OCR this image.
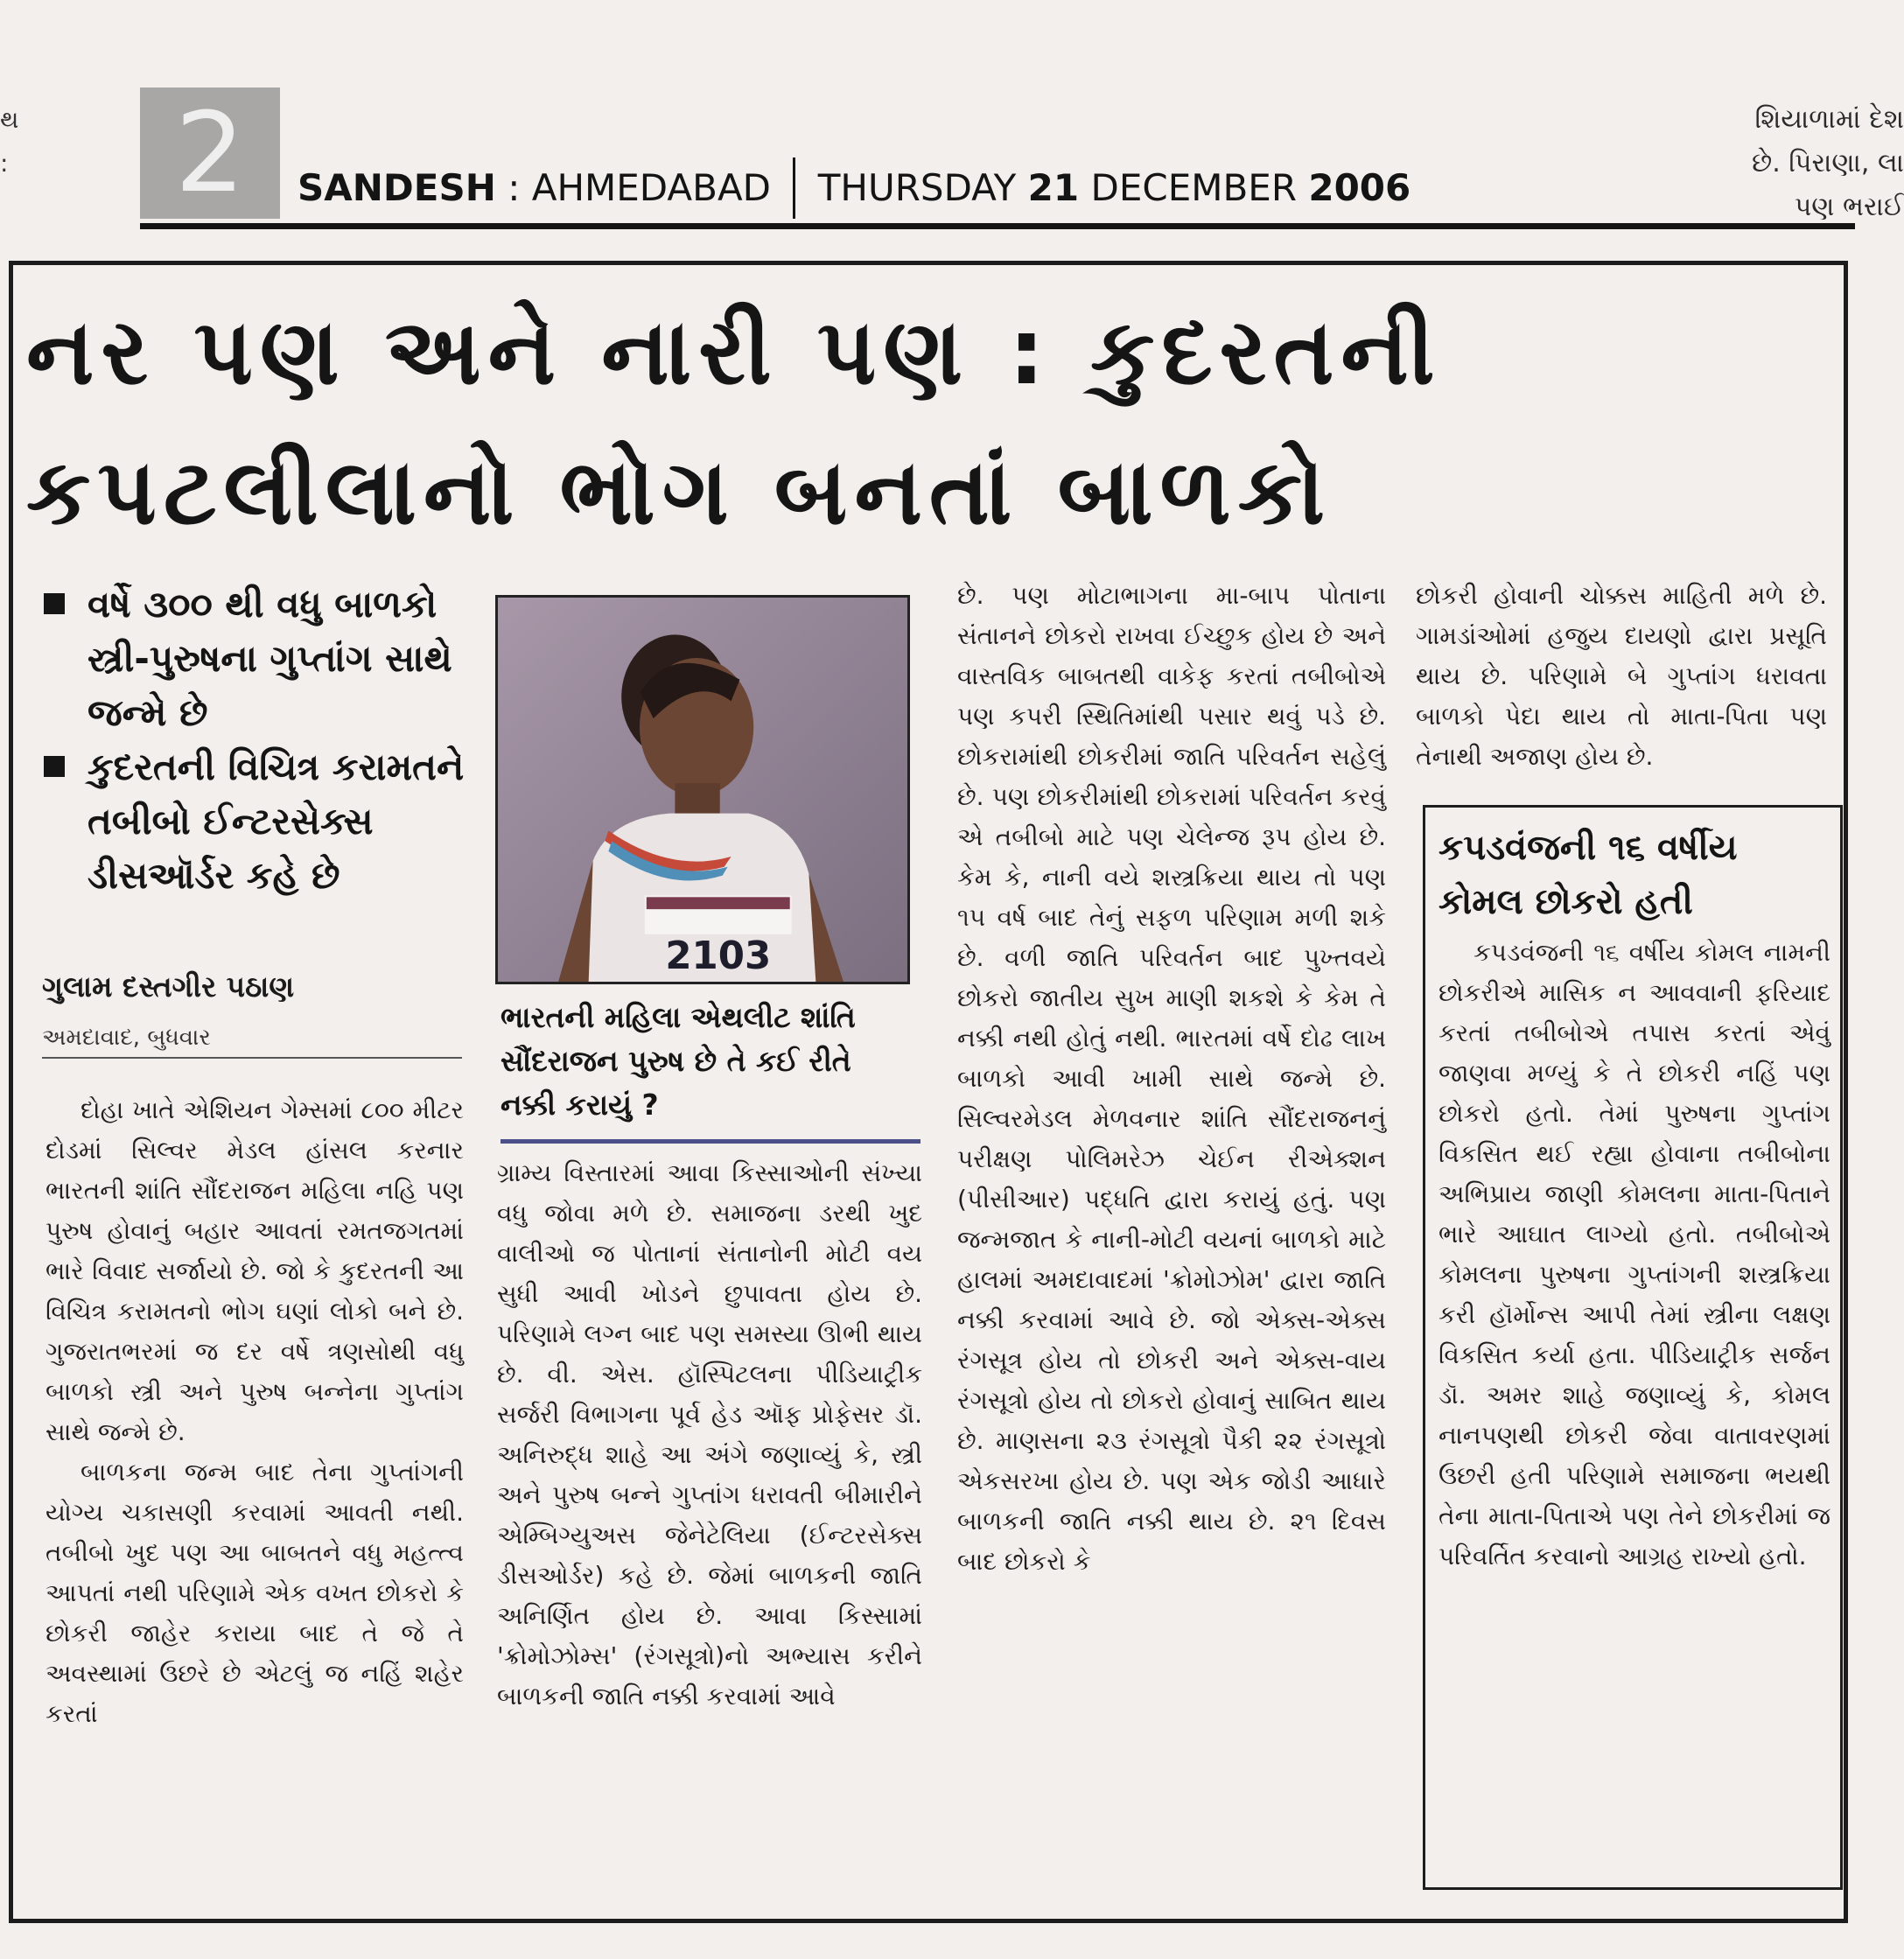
થ
:	2	SANDESH : AHMEDABAD THURSDAY 21 DECEMBER 2006
શિયાળામાં દેશ
છે. પિરાણા, લા
પણ ભરાઈ
નર પણ અને નારી પણ : કુદરતની
કપટલીલાનો ભોગ બનતાં બાળકો
વર્ષે ૩૦૦ થી વધુ બાળકો સ્ત્રી-પુરુષના ગુપ્તાંગ સાથે જન્મે છે
કુદરતની વિચિત્ર કરામતને તબીબો ઈન્ટરસેક્સ ડીસઑર્ડર કહે છે
ગુલામ દસ્તગીર પઠાણ
અમદાવાદ, બુધવાર

દોહા ખાતે એશિયન ગેમ્સમાં ૮૦૦ મીટર દોડમાં સિલ્વર મેડલ હાંસલ કરનાર ભારતની શાંતિ સૌંદરાજન મહિલા નહિ પણ પુરુષ હોવાનું બહાર આવતાં રમતજગતમાં ભારે વિવાદ સર્જાયો છે. જો કે કુદરતની આ વિચિત્ર કરામતનો ભોગ ઘણાં લોકો બને છે. ગુજરાતભરમાં જ દર વર્ષે ત્રણસોથી વધુ બાળકો સ્ત્રી અને પુરુષ બન્નેના ગુપ્તાંગ સાથે જન્મે છે.

બાળકના જન્મ બાદ તેના ગુપ્તાંગની યોગ્ય ચકાસણી કરવામાં આવતી નથી. તબીબો ખુદ પણ આ બાબતને વધુ મહત્ત્વ આપતાં નથી પરિણામે એક વખત છોકરો કે છોકરી જાહેર કરાયા બાદ તે જે તે અવસ્થામાં ઉછરે છે એટલું જ નહિં શહેર કરતાં

2103
ભારતની મહિલા એથલીટ શાંતિ સૌંદરાજન પુરુષ છે તે કઈ રીતે નક્કી કરાયું ?

ગ્રામ્ય વિસ્તારમાં આવા કિસ્સાઓની સંખ્યા વધુ જોવા મળે છે. સમાજના ડરથી ખુદ વાલીઓ જ પોતાનાં સંતાનોની મોટી વય સુધી આવી ખોડને છુપાવતા હોય છે. પરિણામે લગ્ન બાદ પણ સમસ્યા ઊભી થાય છે. વી. એસ. હૉસ્પિટલના પીડિયાટ્રીક સર્જરી વિભાગના પૂર્વ હેડ ઑફ પ્રોફેસર ડૉ. અનિરુદ્ધ શાહે આ અંગે જણાવ્યું કે, સ્ત્રી અને પુરુષ બન્ને ગુપ્તાંગ ધરાવતી બીમારીને એમ્બિગ્યુઅસ જેનેટેલિયા (ઈન્ટરસેક્સ ડીસઓર્ડર) કહે છે. જેમાં બાળકની જાતિ અનિર્ણિત હોય છે. આવા કિસ્સામાં 'ક્રોમોઝોમ્સ' (રંગસૂત્રો)નો અભ્યાસ કરીને બાળકની જાતિ નક્કી કરવામાં આવે

છે. પણ મોટાભાગના મા-બાપ પોતાના સંતાનને છોકરો રાખવા ઈચ્છુક હોય છે અને વાસ્તવિક બાબતથી વાકેફ કરતાં તબીબોએ પણ કપરી સ્થિતિમાંથી પસાર થવું પડે છે. છોકરામાંથી છોકરીમાં જાતિ પરિવર્તન સહેલું છે. પણ છોકરીમાંથી છોકરામાં પરિવર્તન કરવું એ તબીબો માટે પણ ચેલેન્જ રૂપ હોય છે. કેમ કે, નાની વયે શસ્ત્રક્રિયા થાય તો પણ ૧૫ વર્ષ બાદ તેનું સફળ પરિણામ મળી શકે છે. વળી જાતિ પરિવર્તન બાદ પુખ્તવયે છોકરો જાતીય સુખ માણી શકશે કે કેમ તે નક્કી નથી હોતું નથી. ભારતમાં વર્ષે દોઢ લાખ બાળકો આવી ખામી સાથે જન્મે છે. સિલ્વરમેડલ મેળવનાર શાંતિ સૌંદરાજનનું પરીક્ષણ પોલિમરેઝ ચેઈન રીએક્શન (પીસીઆર) પદ્ધતિ દ્વારા કરાયું હતું. પણ જન્મજાત કે નાની-મોટી વયનાં બાળકો માટે હાલમાં અમદાવાદમાં 'ક્રોમોઝોમ' દ્વારા જાતિ નક્કી કરવામાં આવે છે. જો એક્સ-એક્સ રંગસૂત્ર હોય તો છોકરી અને એક્સ-વાય રંગસૂત્રો હોય તો છોકરો હોવાનું સાબિત થાય છે. માણસના ૨૩ રંગસૂત્રો પૈકી ૨૨ રંગસૂત્રો એકસરખા હોય છે. પણ એક જોડી આધારે બાળકની જાતિ નક્કી થાય છે. ૨૧ દિવસ બાદ છોકરો કે

છોકરી હોવાની ચોક્કસ માહિતી મળે છે. ગામડાંઓમાં હજુય દાયણો દ્વારા પ્રસૂતિ થાય છે. પરિણામે બે ગુપ્તાંગ ધરાવતા બાળકો પેદા થાય તો માતા-પિતા પણ તેનાથી અજાણ હોય છે.

કપડવંજની ૧૬ વર્ષીય કોમલ છોકરો હતી

કપડવંજની ૧૬ વર્ષીય કોમલ નામની છોકરીએ માસિક ન આવવાની ફરિયાદ કરતાં તબીબોએ તપાસ કરતાં એવું જાણવા મળ્યું કે તે છોકરી નહિં પણ છોકરો હતો. તેમાં પુરુષના ગુપ્તાંગ વિકસિત થઈ રહ્યા હોવાના તબીબોના અભિપ્રાય જાણી કોમલના માતા-પિતાને ભારે આઘાત લાગ્યો હતો. તબીબોએ કોમલના પુરુષના ગુપ્તાંગની શસ્ત્રક્રિયા કરી હૉર્મોન્સ આપી તેમાં સ્ત્રીના લક્ષણ વિકસિત કર્યા હતા. પીડિયાટ્રીક સર્જન ડૉ. અમર શાહે જણાવ્યું કે, કોમલ નાનપણથી છોકરી જેવા વાતાવરણમાં ઉછરી હતી પરિણામે સમાજના ભયથી તેના માતા-પિતાએ પણ તેને છોકરીમાં જ પરિવર્તિત કરવાનો આગ્રહ રાખ્યો હતો.
